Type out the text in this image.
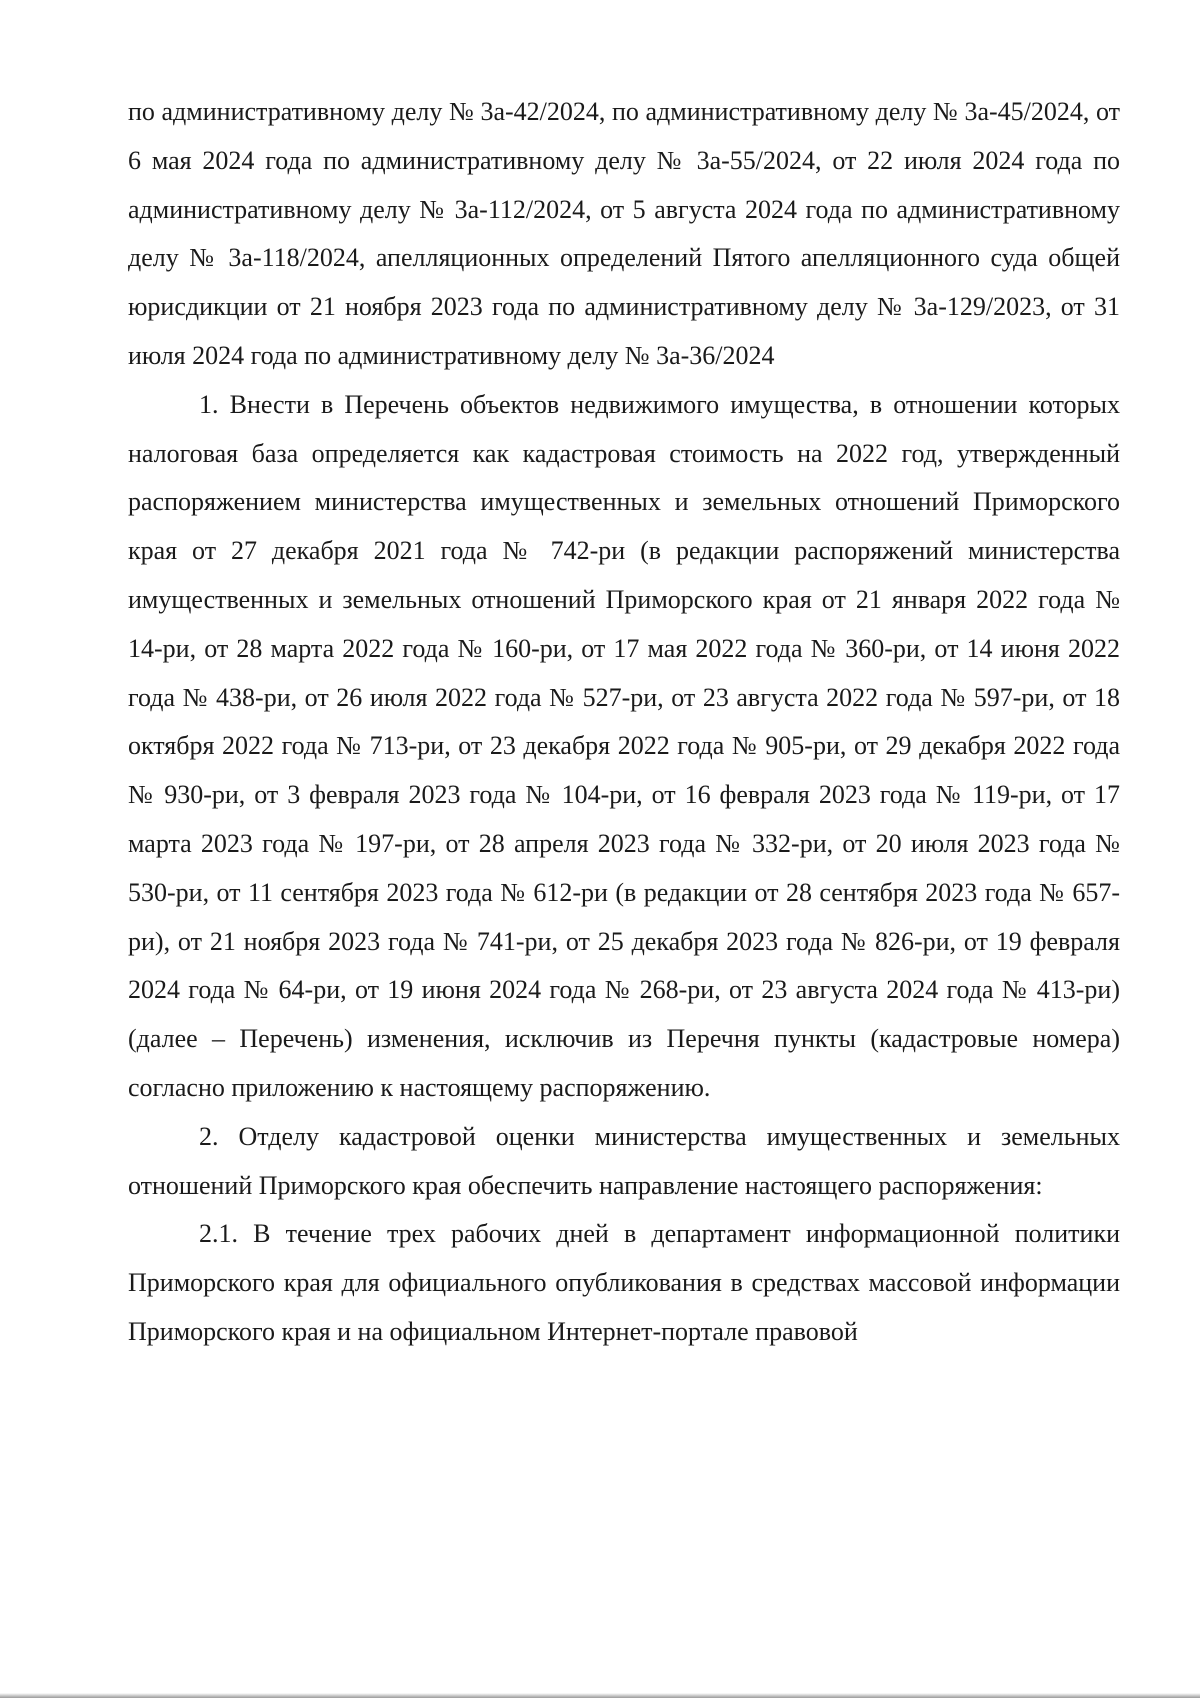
по административному делу № 3а-42/2024, по административному делу № 3а-45/2024, от 6 мая 2024 года по административному делу № 3а-55/2024, от 22 июля 2024 года по административному делу № 3а-112/2024, от 5 августа 2024 года по административному делу № 3а-118/2024, апелляционных определений Пятого апелляционного суда общей юрисдикции от 21 ноября 2023 года по административному делу № 3а-129/2023, от 31 июля 2024 года по административному делу № 3а-36/2024

1. Внести в Перечень объектов недвижимого имущества, в отношении которых налоговая база определяется как кадастровая стоимость на 2022 год, утвержденный распоряжением министерства имущественных и земельных отношений Приморского края от 27 декабря 2021 года № 742-ри (в редакции распоряжений министерства имущественных и земельных отношений Приморского края от 21 января 2022 года № 14-ри, от 28 марта 2022 года № 160-ри, от 17 мая 2022 года № 360-ри, от 14 июня 2022 года № 438-ри, от 26 июля 2022 года № 527-ри, от 23 августа 2022 года № 597-ри, от 18 октября 2022 года № 713-ри, от 23 декабря 2022 года № 905-ри, от 29 декабря 2022 года № 930-ри, от 3 февраля 2023 года № 104-ри, от 16 февраля 2023 года № 119-ри, от 17 марта 2023 года № 197-ри, от 28 апреля 2023 года № 332-ри, от 20 июля 2023 года № 530-ри, от 11 сентября 2023 года № 612-ри (в редакции от 28 сентября 2023 года № 657-ри), от 21 ноября 2023 года № 741-ри, от 25 декабря 2023 года № 826-ри, от 19 февраля 2024 года № 64-ри, от 19 июня 2024 года № 268-ри, от 23 августа 2024 года № 413-ри) (далее – Перечень) изменения, исключив из Перечня пункты (кадастровые номера) согласно приложению к настоящему распоряжению.

2. Отделу кадастровой оценки министерства имущественных и земельных отношений Приморского края обеспечить направление настоящего распоряжения:

2.1. В течение трех рабочих дней в департамент информационной политики Приморского края для официального опубликования в средствах массовой информации Приморского края и на официальном Интернет-портале правовой
